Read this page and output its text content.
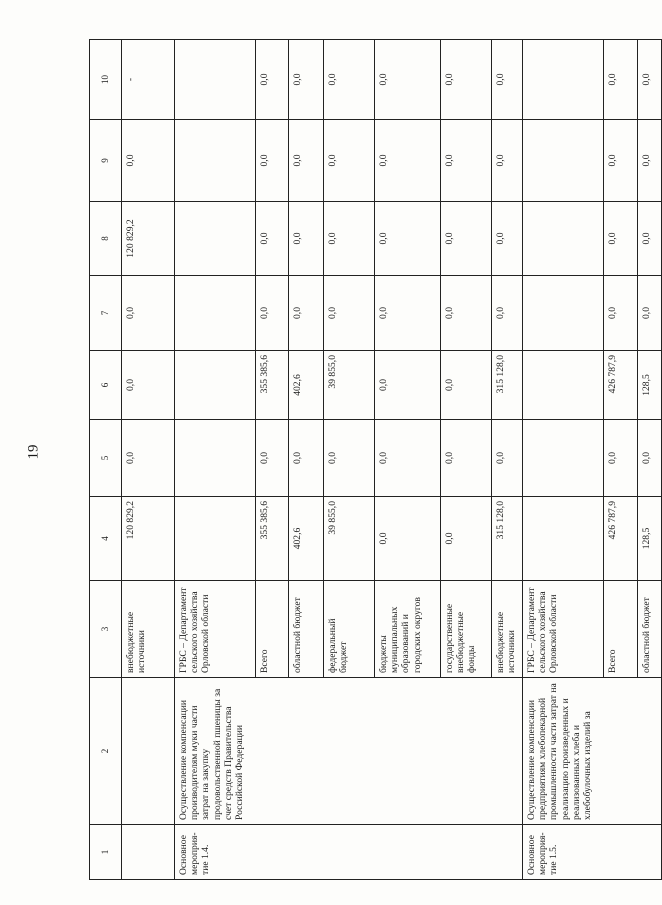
19
1	2	3	4	5	6	7	8	9	10
		внебюджетные источники	120 829,2	0,0	0,0	0,0	120 829,2	0,0	-
Основное мероприя-тие 1.4.	Осуществление компенсации производителям муки части затрат на закупку продовольственной пшеницы за счет средств Правительства Российской Федерации	ГРБС – Департамент сельского хозяйства Орловской области							
		Всего	355 385,6	0,0	355 385,6	0,0	0,0	0,0	0,0
		областной бюджет	402,6	0,0	402,6	0,0	0,0	0,0	0,0
		федеральный бюджет	39 855,0	0,0	39 855,0	0,0	0,0	0,0	0,0
		бюджеты муниципальных образований и городских округов	0,0	0,0	0,0	0,0	0,0	0,0	0,0
		государственные внебюджетные фонды	0,0	0,0	0,0	0,0	0,0	0,0	0,0
		внебюджетные источники	315 128,0	0,0	315 128,0	0,0	0,0	0,0	0,0
Основное мероприя-тие 1.5.	Осуществление компенсации предприятиям хлебопекарной промышленности части затрат на реализацию произведенных и реализованных хлеба и хлебобулочных изделий за	ГРБС – Департамент сельского хозяйства Орловской области							
		Всего	426 787,9	0,0	426 787,9	0,0	0,0	0,0	0,0
		областной бюджет	128,5	0,0	128,5	0,0	0,0	0,0	0,0
